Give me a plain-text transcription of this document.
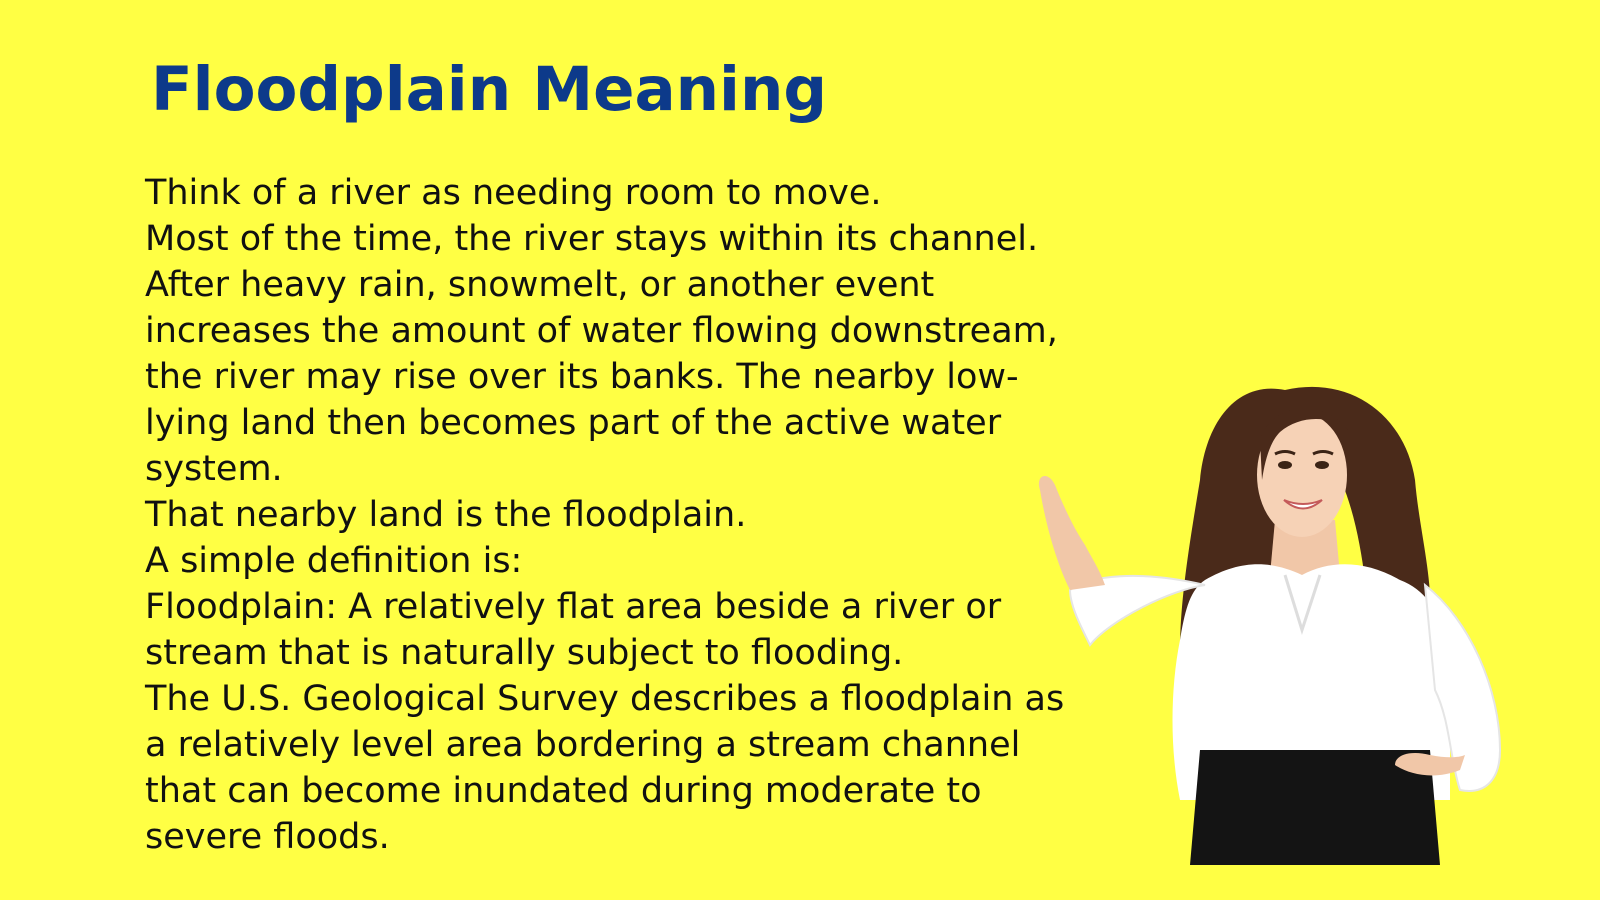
Floodplain Meaning
Think of a river as needing room to move.
Most of the time, the river stays within its channel.
After heavy rain, snowmelt, or another event
increases the amount of water flowing downstream,
the river may rise over its banks. The nearby low-
lying land then becomes part of the active water
system.
That nearby land is the floodplain.
A simple definition is:
Floodplain: A relatively flat area beside a river or
stream that is naturally subject to flooding.
The U.S. Geological Survey describes a floodplain as
a relatively level area bordering a stream channel
that can become inundated during moderate to
severe floods.
